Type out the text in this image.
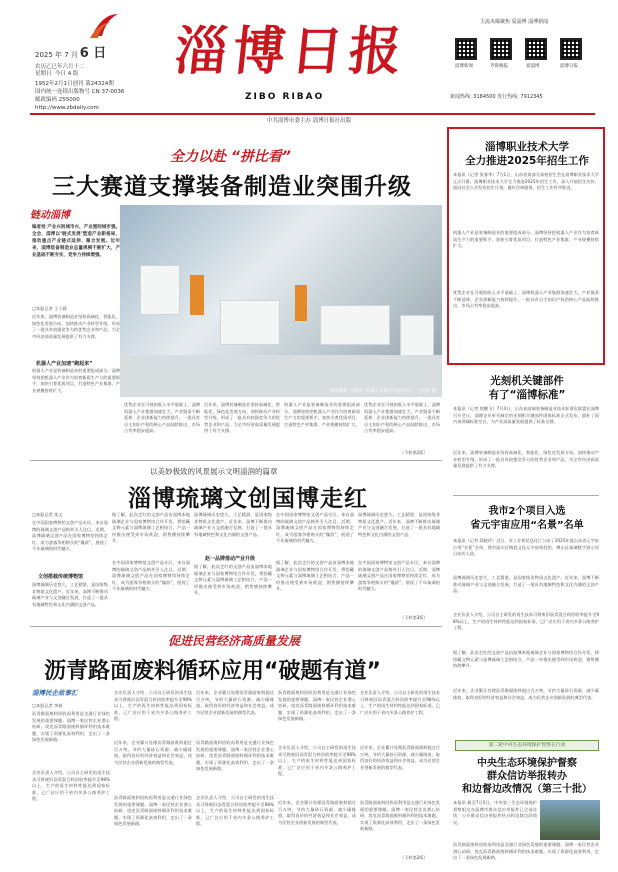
2025 年 7 月 6 日
农历乙巳年六月十二
星期日 今日 4 版
1952年2月1日创刊 第24324期
国内统一连续出版物号 CN 37-0036
邮政编码 255000
http://www.zbdaily.com
淄博日报
ZIBO RIBAO
主流央媒聚焦 爱淄博 淄博新闻
淄博新闻	齐鲁晚报	爱淄博	淄博日报
新闻热线: 3184500 发行热线: 7912345
中共淄博市委主办 淄博日报社出版
全力以赴 “拼比看”
三大赛道支撑装备制造业突围升级
链动淄博
编者按 产业兴则城市兴，产业强则城市强。全会、淄博以‘链式发展’塑造产业新格局，推动重点产业链式延伸、聚合发展。近年来，淄博装备制造业总量规模不断扩大，产业基础不断夯实，竞争力持续增强。
□本报记者 王子涵
近年来，淄博装备制造业坚持高端化、智能化、绿色化发展方向，加快推动产业转型升级，形成了一批具有较强竞争力的优势企业和产品，为全市经济高质量发展提供了有力支撑。
机器人产业加速“跑起来”
机器人产业是装备制造业的重要组成部分。淄博坚持把机器人产业作为培育新质生产力的重要抓手，加快引育优质项目，打造特色产业集群，产业规模持续扩大。	淄博新科（淄博）机器人有限公司展示厅。 □记者 摄
优势企业在可观的收入水平基础上，淄博机器人产业集群加速壮大，产业链条不断延伸，企业创新能力持续提升，一批具有自主知识产权的核心产品陆续推出，市场占有率稳步提高。
近年来，淄博装备制造业坚持高端化、智能化、绿色化发展方向，加快推动产业转型升级，形成了一批具有较强竞争力的优势企业和产品，为全市经济高质量发展提供了有力支撑。
机器人产业是装备制造业的重要组成部分。淄博坚持把机器人产业作为培育新质生产力的重要抓手，加快引育优质项目，打造特色产业集群，产业规模持续扩大。
优势企业在可观的收入水平基础上，淄博机器人产业集群加速壮大，产业链条不断延伸，企业创新能力持续提升，一批具有自主知识产权的核心产品陆续推出，市场占有率稳步提高。
（下转第2版）
淄博职业技术大学
全力推进2025年招生工作
本报讯（记者 张春华）7月1日，山东省第部分高校招生会在淄博职业技术大学正式开幕。淄博职业技术大学全力推进2025年招生工作，深入开展招生宣传，面向社会公开发布招生计划，做好咨询服务，招生工作有序推进。
机器人产业是装备制造业的重要组成部分。淄博坚持把机器人产业作为培育新质生产力的重要抓手，加快引育优质项目，打造特色产业集群，产业规模持续扩大。
优势企业在可观的收入水平基础上，淄博机器人产业集群加速壮大，产业链条不断延伸，企业创新能力持续提升，一批具有自主知识产权的核心产品陆续推出，市场占有率稳步提高。
光刻机关键部件
有了“淄博标准”
本报讯（记者 徐鹏飞）7月4日，山东省高端装备制造业技术标准化联盟在淄博召开会议，淄博企业牵头制定的光刻机关键部件团体标准正式发布，填补了国内该领域标准空白，为产业高质量发展提供了标准支撑。
近年来，淄博装备制造业坚持高端化、智能化、绿色化发展方向，加快推动产业转型升级，形成了一批具有较强竞争力的优势企业和产品，为全市经济高质量发展提供了有力支撑。
我市2个项目入选
省元宇宙应用“名景”名单
本报讯（记者 薛晓玲）近日，省工业和信息化厅公布了2025年度山东省元宇宙应用“名景”名单，我市淄川区陶瓷文化元宇宙体验馆、博山区琉璃数字展示项目成功入选。
淄博琉璃历史悠久，工艺精湛，是国家级非物质文化遗产。近年来，淄博不断推动琉璃产业与文创融合发展，打造了一批具有地域特色和文化内涵的文创产品。
企业负责人介绍，公司自主研发的再生技术可将废旧沥青混合料回收率提升至98%以上，生产的再生材料性能达到国家标准，已广泛应用于省内多条公路养护工程。
据了解，此次走红的文创产品由淄博本地琉璃企业与国家博物馆合作开发，将馆藏文物元素与淄博琉璃工艺相结合，产品一经推出便受到市场欢迎，销售额持续攀升。
近年来，企业累计处理沥青路面废料超过百万吨，节约大量砂石资源，减少碳排放，取得良好的经济效益和社会效益，成为民营企业创新发展的典型代表。
第二轮中央生态环境保护督察在行动
中央生态环境保护督察
群众信访举报转办
和边督边改情况（第三十批）
本报讯 截至7月5日，中央第三生态环境保护督察组交办淄博市群众信访举报件已全部办结，公开群众信访举报件转办和边督边改情况。
沥青路面废料回收再利用是交通行业绿色发展的重要课题。淄博一家民营企业潜心钻研，攻克沥青路面废料循环利用技术难题，实现了资源化高效利用，走出了一条绿色发展新路。
以美妙极致的风景展示文明淄润的篇章
淄博琉璃文创国博走红
□本报记者 张文
在中国国家博物馆文创产品专区，来自淄博的琉璃文创产品格外引人注目。近期，淄博琉璃文创产品在国家博物馆持续走红，成为游客争相购买的“爆款”，展现了千年琉璃的时代魅力。
文创搭载传统博物馆
淄博琉璃历史悠久，工艺精湛，是国家级非物质文化遗产。近年来，淄博不断推动琉璃产业与文创融合发展，打造了一批具有地域特色和文化内涵的文创产品。
据了解，此次走红的文创产品由淄博本地琉璃企业与国家博物馆合作开发，将馆藏文物元素与淄博琉璃工艺相结合，产品一经推出便受到市场欢迎，销售额持续攀升。
在中国国家博物馆文创产品专区，来自淄博的琉璃文创产品格外引人注目。近期，淄博琉璃文创产品在国家博物馆持续走红，成为游客争相购买的“爆款”，展现了千年琉璃的时代魅力。
淄博琉璃历史悠久，工艺精湛，是国家级非物质文化遗产。近年来，淄博不断推动琉璃产业与文创融合发展，打造了一批具有地域特色和文化内涵的文创产品。
赵一品牌推动产业升级
据了解，此次走红的文创产品由淄博本地琉璃企业与国家博物馆合作开发，将馆藏文物元素与淄博琉璃工艺相结合，产品一经推出便受到市场欢迎，销售额持续攀升。
在中国国家博物馆文创产品专区，来自淄博的琉璃文创产品格外引人注目。近期，淄博琉璃文创产品在国家博物馆持续走红，成为游客争相购买的“爆款”，展现了千年琉璃的时代魅力。
据了解，此次走红的文创产品由淄博本地琉璃企业与国家博物馆合作开发，将馆藏文物元素与淄博琉璃工艺相结合，产品一经推出便受到市场欢迎，销售额持续攀升。
淄博琉璃历史悠久，工艺精湛，是国家级非物质文化遗产。近年来，淄博不断推动琉璃产业与文创融合发展，打造了一批具有地域特色和文化内涵的文创产品。
在中国国家博物馆文创产品专区，来自淄博的琉璃文创产品格外引人注目。近期，淄博琉璃文创产品在国家博物馆持续走红，成为游客争相购买的“爆款”，展现了千年琉璃的时代魅力。
（下转第3版）
促进民营经济高质量发展
沥青路面废料循环应用“破题有道”
淄博民企故事汇
□本报记者 李斌
沥青路面废料回收再利用是交通行业绿色发展的重要课题。淄博一家民营企业潜心钻研，攻克沥青路面废料循环利用技术难题，实现了资源化高效利用，走出了一条绿色发展新路。
企业负责人介绍，公司自主研发的再生技术可将废旧沥青混合料回收率提升至98%以上，生产的再生材料性能达到国家标准，已广泛应用于省内多条公路养护工程。
企业负责人介绍，公司自主研发的再生技术可将废旧沥青混合料回收率提升至98%以上，生产的再生材料性能达到国家标准，已广泛应用于省内多条公路养护工程。
近年来，企业累计处理沥青路面废料超过百万吨，节约大量砂石资源，减少碳排放，取得良好的经济效益和社会效益，成为民营企业创新发展的典型代表。
沥青路面废料回收再利用是交通行业绿色发展的重要课题。淄博一家民营企业潜心钻研，攻克沥青路面废料循环利用技术难题，实现了资源化高效利用，走出了一条绿色发展新路。
近年来，企业累计处理沥青路面废料超过百万吨，节约大量砂石资源，减少碳排放，取得良好的经济效益和社会效益，成为民营企业创新发展的典型代表。
沥青路面废料回收再利用是交通行业绿色发展的重要课题。淄博一家民营企业潜心钻研，攻克沥青路面废料循环利用技术难题，实现了资源化高效利用，走出了一条绿色发展新路。
企业负责人介绍，公司自主研发的再生技术可将废旧沥青混合料回收率提升至98%以上，生产的再生材料性能达到国家标准，已广泛应用于省内多条公路养护工程。
沥青路面废料回收再利用是交通行业绿色发展的重要课题。淄博一家民营企业潜心钻研，攻克沥青路面废料循环利用技术难题，实现了资源化高效利用，走出了一条绿色发展新路。
企业负责人介绍，公司自主研发的再生技术可将废旧沥青混合料回收率提升至98%以上，生产的再生材料性能达到国家标准，已广泛应用于省内多条公路养护工程。
近年来，企业累计处理沥青路面废料超过百万吨，节约大量砂石资源，减少碳排放，取得良好的经济效益和社会效益，成为民营企业创新发展的典型代表。
企业负责人介绍，公司自主研发的再生技术可将废旧沥青混合料回收率提升至98%以上，生产的再生材料性能达到国家标准，已广泛应用于省内多条公路养护工程。
近年来，企业累计处理沥青路面废料超过百万吨，节约大量砂石资源，减少碳排放，取得良好的经济效益和社会效益，成为民营企业创新发展的典型代表。
沥青路面废料回收再利用是交通行业绿色发展的重要课题。淄博一家民营企业潜心钻研，攻克沥青路面废料循环利用技术难题，实现了资源化高效利用，走出了一条绿色发展新路。
（下转第2版）
